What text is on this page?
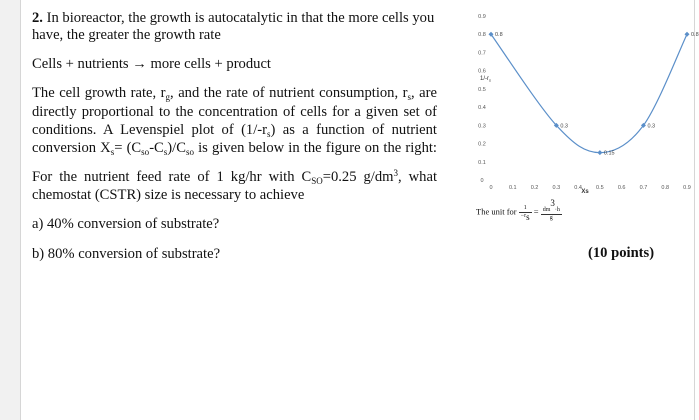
2. In bioreactor, the growth is autocatalytic in that the more cells you
have, the greater the growth rate
Cells + nutrients → more cells + product
The cell growth rate, $r_g$, and the rate of nutrient consumption, $r_s$, are
directly proportional to the concentration of cells for a given set of
conditions. A Levenspiel plot of $(1/-r_s)$ as a function of nutrient
conversion $X_s= (C_{so}-C_s)/C_{so}$ is given below in the figure on the right:
For the nutrient feed rate of 1 kg/hr with $C_{SO}=0.25$ $g/dm^3$, what
chemostat (CSTR) size is necessary to achieve
a) 40% conversion of substrate?
b) 80% conversion of substrate?	(10 points)
0
0.1
0.2
0.3
0.4
0.5
0.6
0.7
0.8
0.9
0	0.1	0.2	0.3	0.4	0.5	0.6	0.7	0.8	0.9
Xs
$1/-r_s$
0.8
0.3
0.15
0.3
0.8
The unit for $\frac{1}{-r_s} = \frac{dm^3\cdot h}{g}$
